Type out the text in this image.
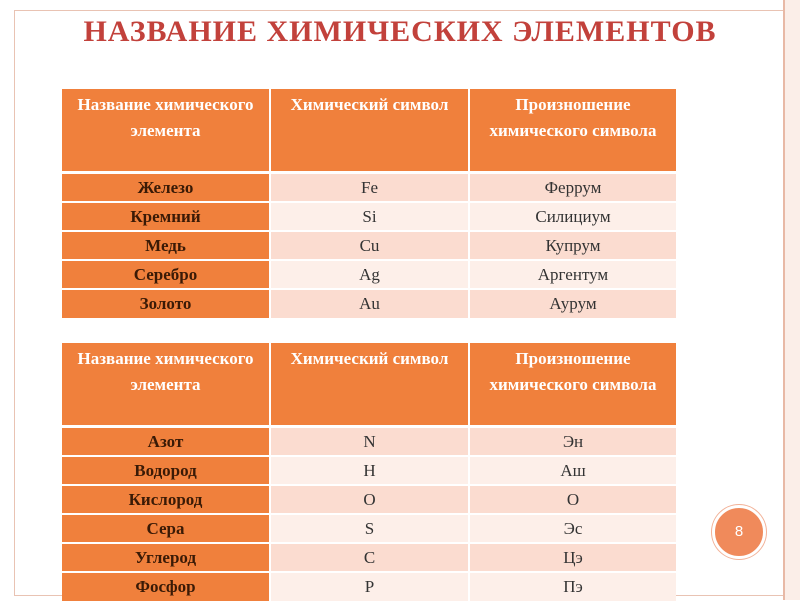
НАЗВАНИЕ ХИМИЧЕСКИХ ЭЛЕМЕНТОВ
Название химического элемента	Химический символ	Произношение химического символа
Железо	Fe	Феррум
Кремний	Si	Силициум
Медь	Cu	Купрум
Серебро	Ag	Аргентум
Золото	Au	Аурум
Название химического элемента	Химический символ	Произношение химического символа
Азот	N	Эн
Водород	H	Аш
Кислород	O	О
Сера	S	Эс
Углерод	C	Цэ
Фосфор	P	Пэ
8
